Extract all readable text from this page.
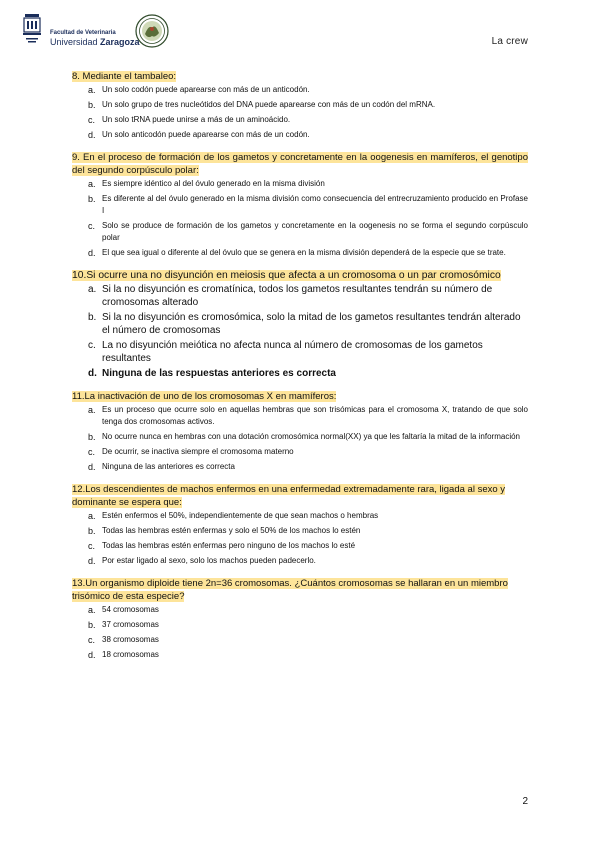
Facultad de Veterinaria
Universidad Zaragoza	La crew
8. Mediante el tambaleo:
a. Un solo codón puede aparearse con más de un anticodón.
b. Un solo grupo de tres nucleótidos del DNA puede aparearse con más de un codón del mRNA.
c. Un solo tRNA puede unirse a más de un aminoácido.
d. Un solo anticodón puede aparearse con más de un codón.
9. En el proceso de formación de los gametos y concretamente en la oogenesis en mamíferos, el genotipo del segundo corpúsculo polar:
a. Es siempre idéntico al del óvulo generado en la misma división
b. Es diferente al del óvulo generado en la misma división como consecuencia del entrecruzamiento producido en Profase I
c. Solo se produce de formación de los gametos y concretamente en la oogenesis no se forma el segundo corpúsculo polar
d. El que sea igual o diferente al del óvulo que se genera en la misma división dependerá de la especie que se trate.
10.Si ocurre una no disyunción en meiosis que afecta a un cromosoma o un par cromosómico
a. Si la no disyunción es cromatínica, todos los gametos resultantes tendrán su número de cromosomas alterado
b. Si la no disyunción es cromosómica, solo la mitad de los gametos resultantes tendrán alterado el número de cromosomas
c. La no disyunción meiótica no afecta nunca al número de cromosomas de los gametos resultantes
d. Ninguna de las respuestas anteriores es correcta
11.La inactivación de uno de los cromosomas X en mamíferos:
a. Es un proceso que ocurre solo en aquellas hembras que son trisómicas para el cromosoma X, tratando de que solo tenga dos cromosomas activos.
b. No ocurre nunca en hembras con una dotación cromosómica normal(XX) ya que les faltaría la mitad de la información
c. De ocurrir, se inactiva siempre el cromosoma materno
d. Ninguna de las anteriores es correcta
12.Los descendientes de machos enfermos en una enfermedad extremadamente rara, ligada al sexo y dominante se espera que:
a. Estén enfermos el 50%, independientemente de que sean machos o hembras
b. Todas las hembras estén enfermas y solo el 50% de los machos lo estén
c. Todas las hembras estén enfermas pero ninguno de los machos lo esté
d. Por estar ligado al sexo, solo los machos pueden padecerlo.
13.Un organismo diploide tiene 2n=36 cromosomas. ¿Cuántos cromosomas se hallaran en un miembro trisómico de esta especie?
a. 54 cromosomas
b. 37 cromosomas
c. 38 cromosomas
d. 18 cromosomas
2
